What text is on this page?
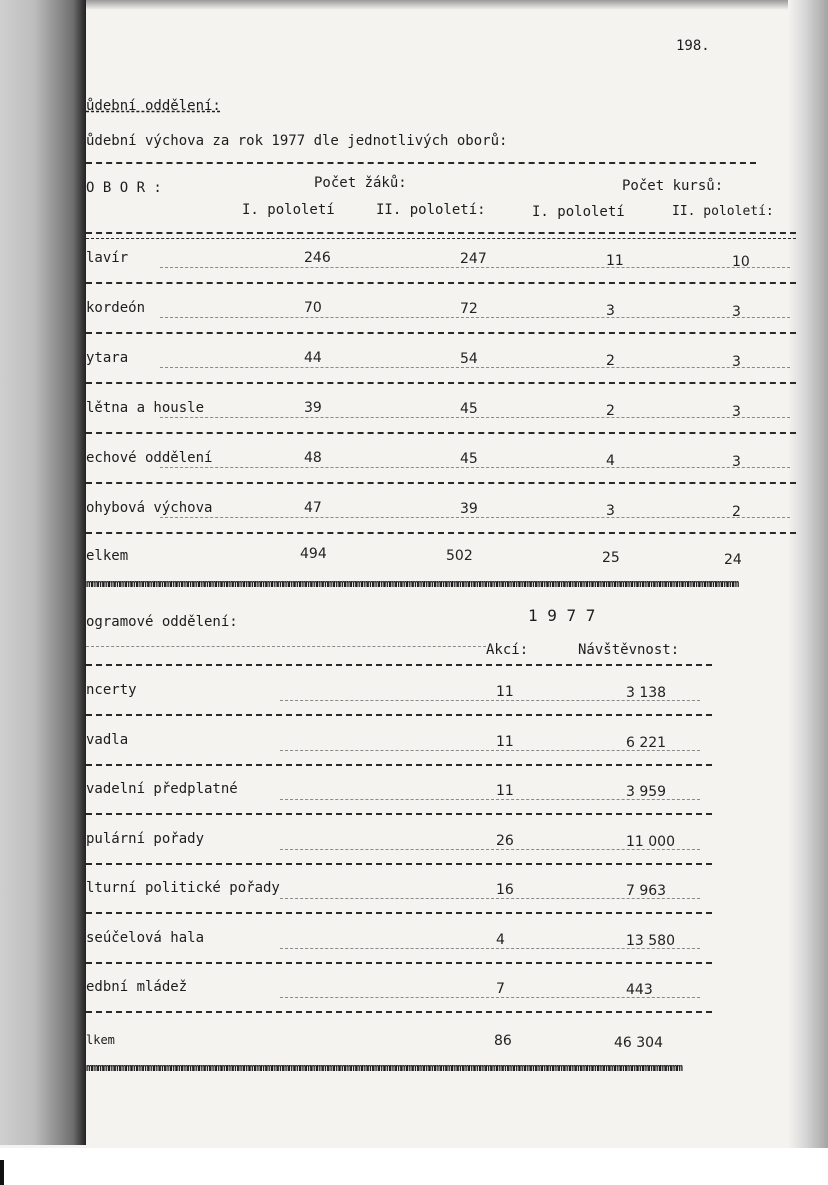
198.
ůdební oddělení:
ůdební výchova za rok 1977 dle jednotlivých oborů:
O B O R :	Počet žáků:	Počet kursů:
I. pololetí	II. pololetí:	I. pololetí	II. pololetí:
lavír	246	247	11	10
kordeón	70	72	3	3
ytara	44	54	2	3
lětna a housle	39	45	2	3
echové oddělení	48	45	4	3
ohybová výchova	47	39	3	2
elkem	494	502	25	24
mmmmmmmmmmmmmmmmmmmmmmmmmmmmmmmmmmmmmmmmmmmmmmmmmmmmmmmmmmmmmmmmmmmmmmmmmmmmmmmmmmmmmmmmmmmmmmmmmmmmmmmmmmmmmmmmmmmm
ogramové oddělení:	1 9 7 7
Akcí:	Návštěvnost:
ncerty	11	3 138
vadla	11	6 221
vadelní předplatné	11	3 959
pulární pořady	26	11 000
lturní politické pořady	16	7 963
seúčelová hala	4	13 580
edbní mládež	7	443
lkem	86	46 304
mmmmmmmmmmmmmmmmmmmmmmmmmmmmmmmmmmmmmmmmmmmmmmmmmmmmmmmmmmmmmmmmmmmmmmmmmmmmmmmmmmmmmmmmmmmmmmmmmmmmmmmmmm
